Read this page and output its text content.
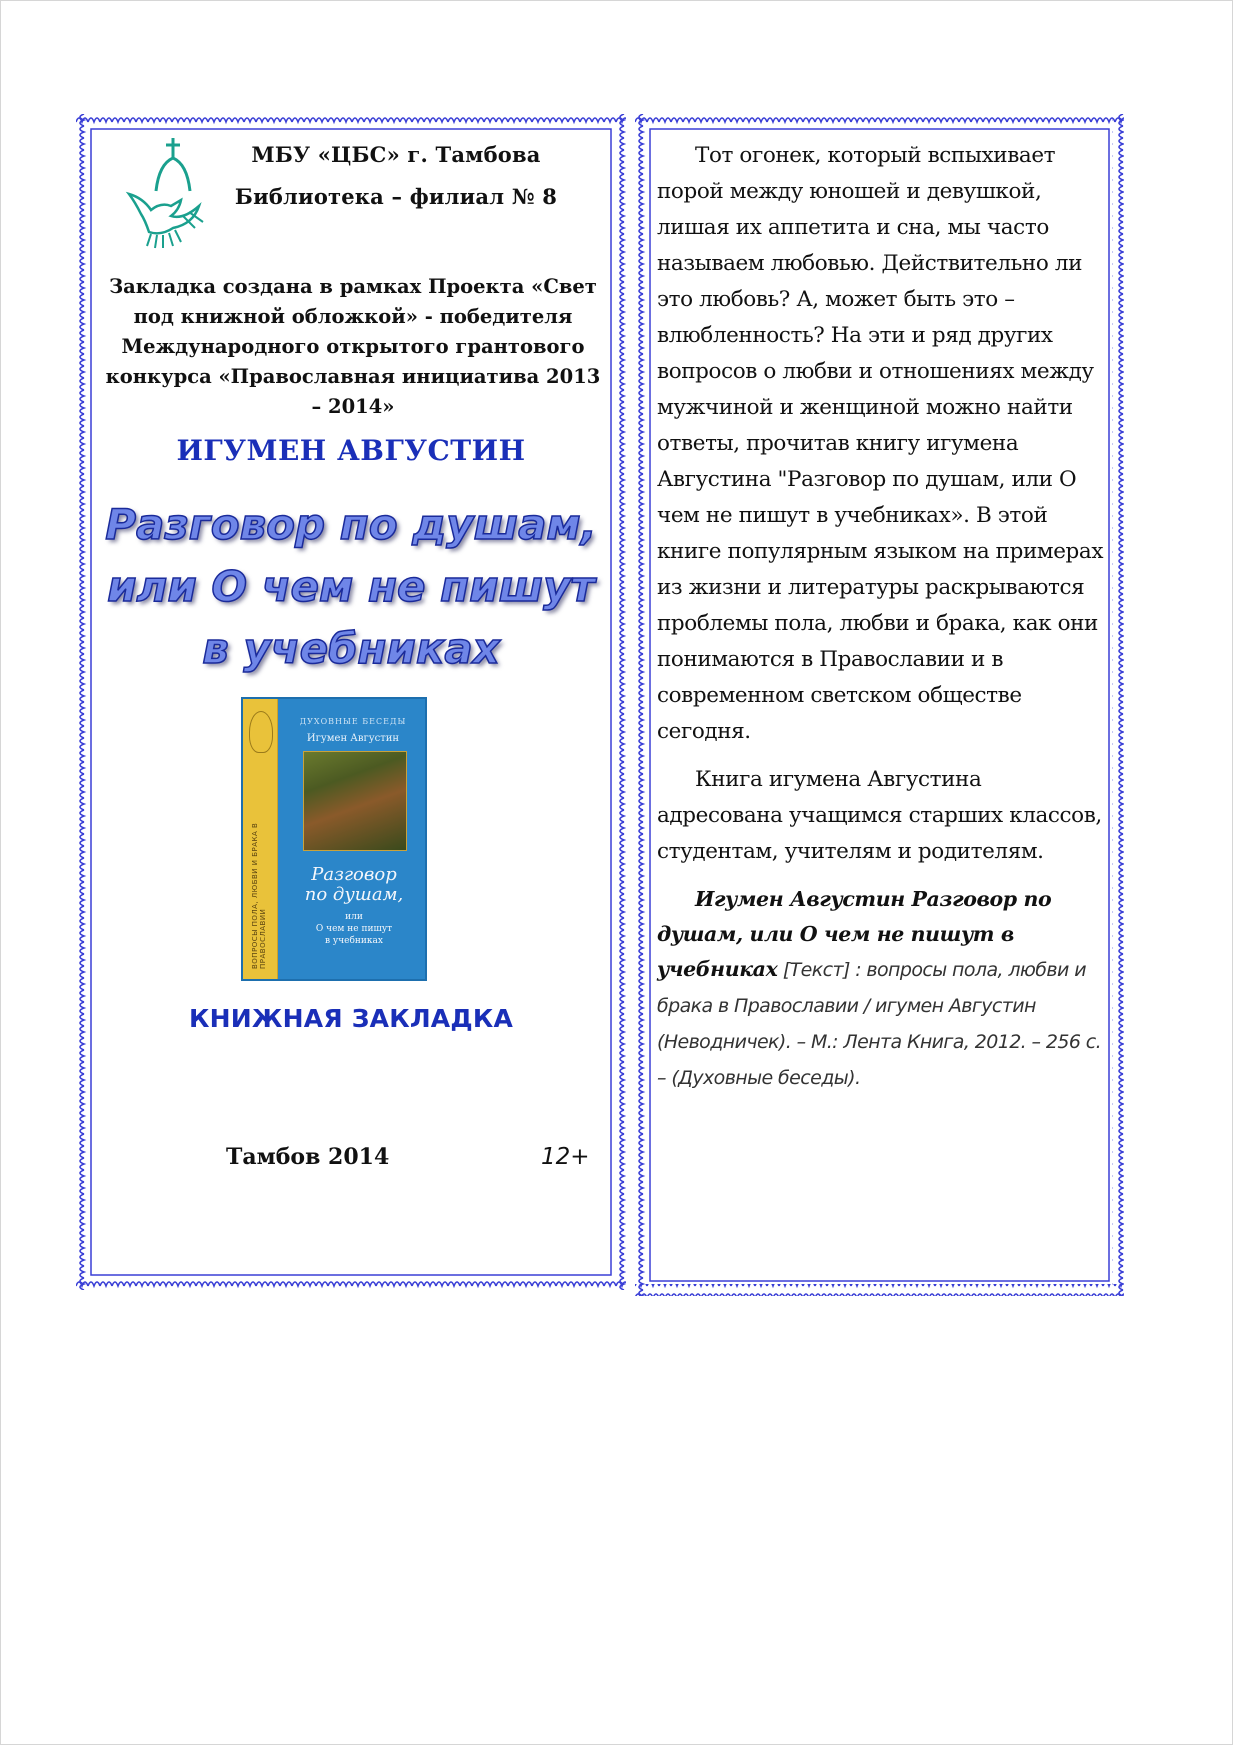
МБУ «ЦБС» г. Тамбова
Библиотека – филиал № 8
Закладка создана в рамках Проекта «Свет под книжной обложкой» - победителя Международного открытого грантового конкурса «Православная инициатива 2013 – 2014»
ИГУМЕН АВГУСТИН
Разговор по душам,
или О чем не пишут
в учебниках
ВОПРОСЫ ПОЛА, ЛЮБВИ И БРАКА В ПРАВОСЛАВИИ
ДУХОВНЫЕ БЕСЕДЫ
Игумен Августин
Разговор
по душам,
или
О чем не пишут
в учебниках
КНИЖНАЯ ЗАКЛАДКА
Тамбов 2014	12+

Тот огонек, который вспыхивает порой между юношей и девушкой, лишая их аппетита и сна, мы часто называем любовью. Действительно ли это любовь? А, может быть это – влюбленность? На эти и ряд других вопросов о любви и отношениях между мужчиной и женщиной можно найти ответы, прочитав книгу игумена Августина "Разговор по душам, или О чем не пишут в учебниках». В этой книге популярным языком на примерах из жизни и литературы раскрываются проблемы пола, любви и брака, как они понимаются в Православии и в современном светском обществе сегодня.

Книга игумена Августина адресована учащимся старших классов, студентам, учителям и родителям.

Игумен Августин Разговор по душам, или О чем не пишут в учебниках [Текст] : вопросы пола, любви и брака в Православии / игумен Августин (Неводничек). – М.: Лента Книга, 2012. – 256 с. – (Духовные беседы).
